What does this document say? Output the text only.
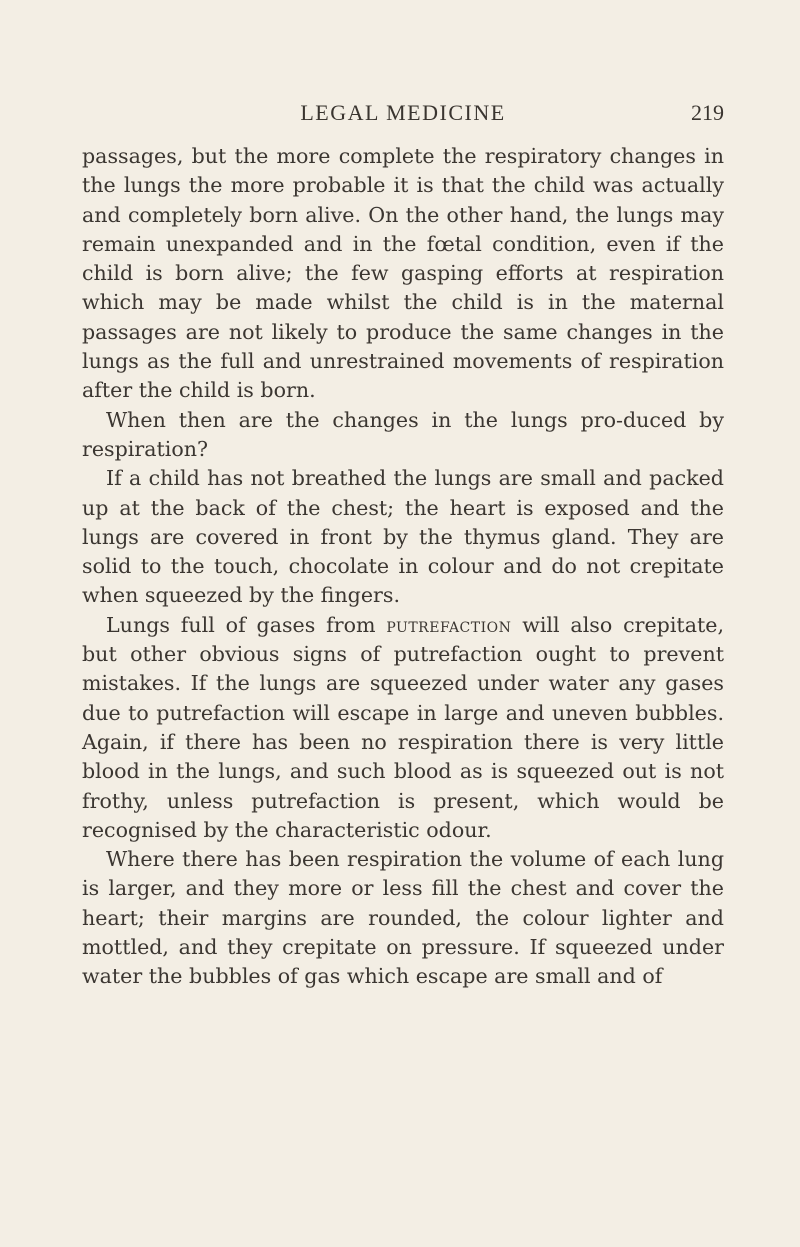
LEGAL MEDICINE	219

passages, but the more complete the respiratory changes in the lungs the more probable it is that the child was actually and completely born alive. On the other hand, the lungs may remain unexpanded and in the fœtal condition, even if the child is born alive; the few gasping efforts at respiration which may be made whilst the child is in the maternal passages are not likely to produce the same changes in the lungs as the full and unrestrained movements of respiration after the child is born.

When then are the changes in the lungs pro-duced by respiration?

If a child has not breathed the lungs are small and packed up at the back of the chest; the heart is exposed and the lungs are covered in front by the thymus gland. They are solid to the touch, chocolate in colour and do not crepitate when squeezed by the fingers.

Lungs full of gases from putrefaction will also crepitate, but other obvious signs of putrefaction ought to prevent mistakes. If the lungs are squeezed under water any gases due to putrefaction will escape in large and uneven bubbles. Again, if there has been no respiration there is very little blood in the lungs, and such blood as is squeezed out is not frothy, unless putrefaction is present, which would be recognised by the characteristic odour.

Where there has been respiration the volume of each lung is larger, and they more or less fill the chest and cover the heart; their margins are rounded, the colour lighter and mottled, and they crepitate on pressure. If squeezed under water the bubbles of gas which escape are small and of
